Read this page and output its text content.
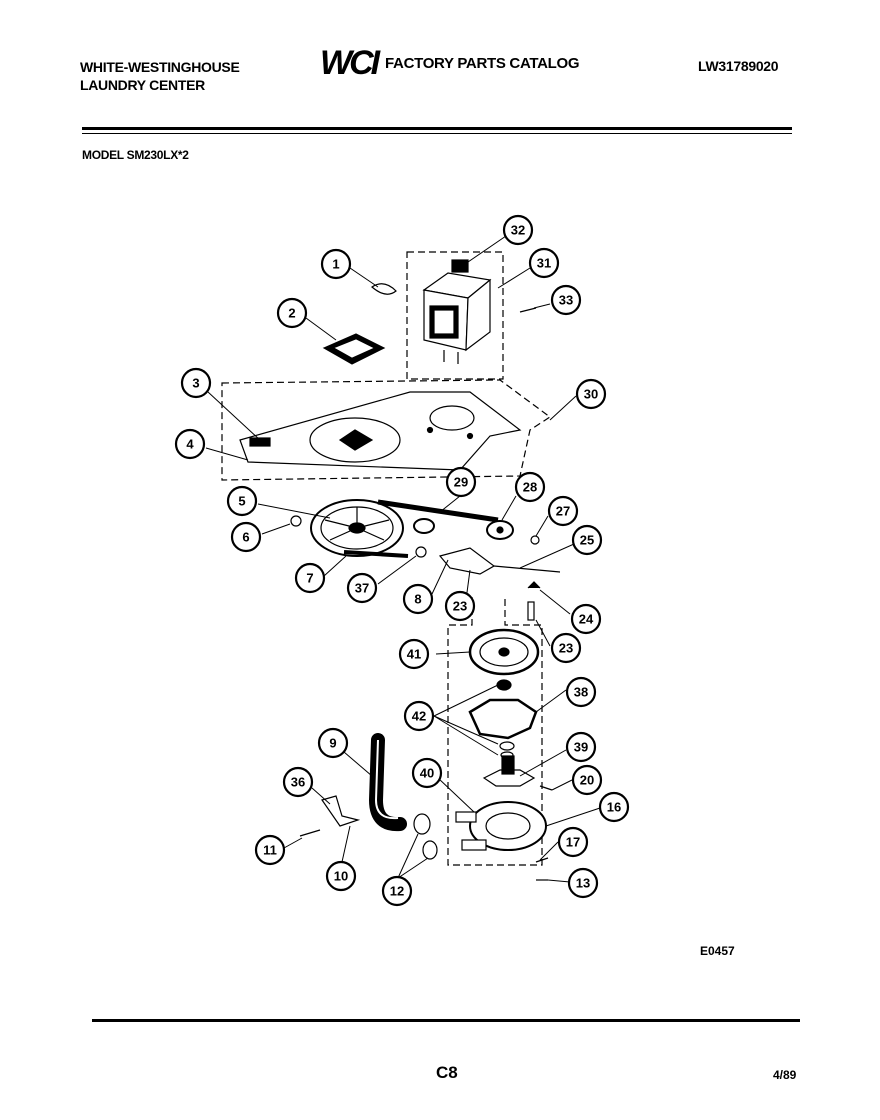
WHITE-WESTINGHOUSE
LAUNDRY CENTER
WCI FACTORY PARTS CATALOG	LW31789020
MODEL SM230LX*2
32
31
1
33
2
3
30
4
29	28
5
27
6	25
7
37
8 23
24
23
41
38
42
9	39
36
40	20
16
17
11
10
12
13
E0457
C8	4/89
